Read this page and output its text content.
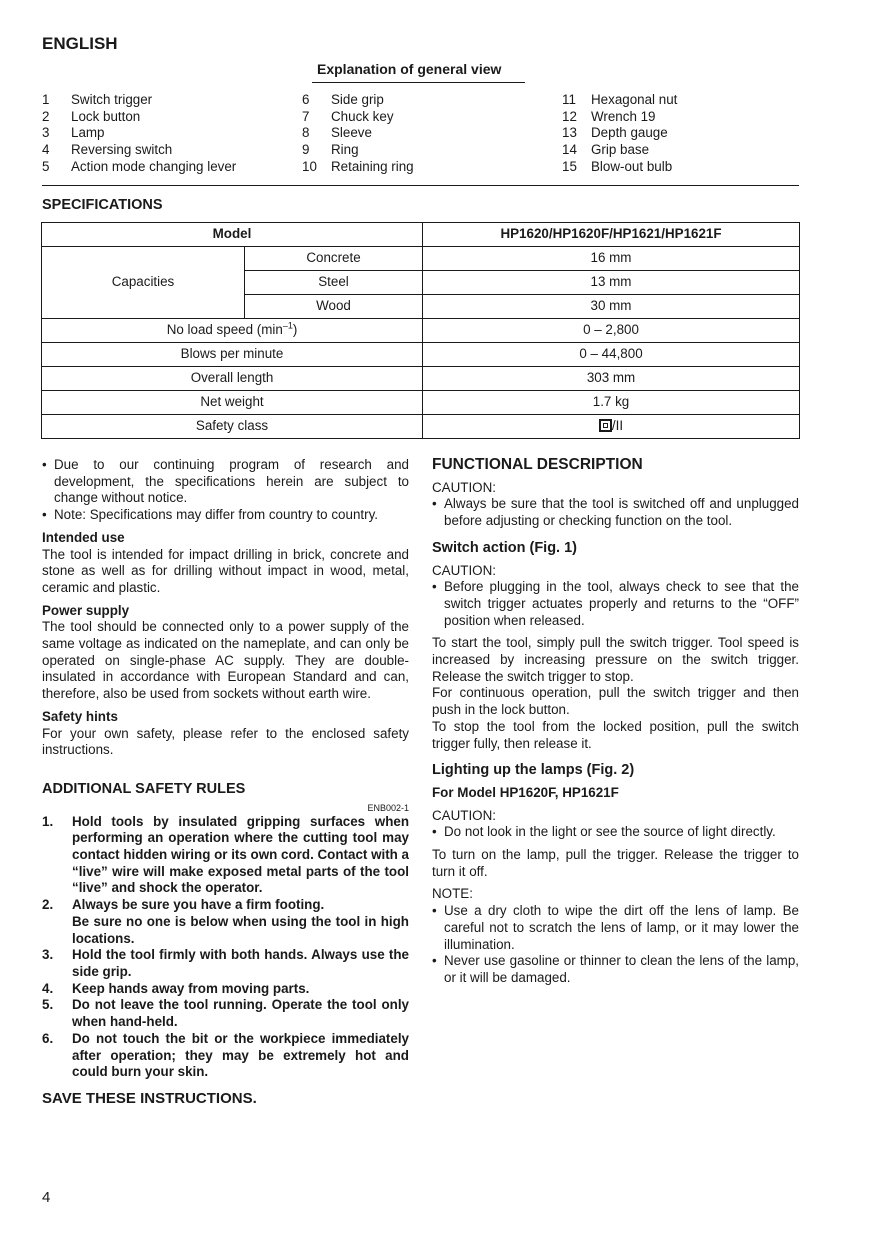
ENGLISH
Explanation of general view
1 Switch trigger
2 Lock button
3 Lamp
4 Reversing switch
5 Action mode changing lever
6 Side grip
7 Chuck key
8 Sleeve
9 Ring
10 Retaining ring
11 Hexagonal nut
12 Wrench 19
13 Depth gauge
14 Grip base
15 Blow-out bulb
SPECIFICATIONS
Model		HP1620/HP1620F/HP1621/HP1621F
Capacities	Concrete	16 mm
	Steel	13 mm
	Wood	30 mm
No load speed $(\min^{-1})$		0 – 2,800
Blows per minute		0 – 44,800
Overall length		303 mm
Net weight		1.7 kg
Safety class		/II

• Due to our continuing program of research and development, the specifications herein are subject to change without notice.

• Note: Specifications may differ from country to country.

Intended use

The tool is intended for impact drilling in brick, concrete and stone as well as for drilling without impact in wood, metal, ceramic and plastic.

Power supply

The tool should be connected only to a power supply of the same voltage as indicated on the nameplate, and can only be operated on single-phase AC supply. They are double-insulated in accordance with European Standard and can, therefore, also be used from sockets without earth wire.

Safety hints

For your own safety, please refer to the enclosed safety instructions.

ADDITIONAL SAFETY RULES

ENB002-1

1. Hold tools by insulated gripping surfaces when performing an operation where the cutting tool may contact hidden wiring or its own cord. Contact with a “live” wire will make exposed metal parts of the tool “live” and shock the operator.
2. Always be sure you have a firm footing.
Be sure no one is below when using the tool in high locations.
3. Hold the tool firmly with both hands. Always use the side grip.
4. Keep hands away from moving parts.
5. Do not leave the tool running. Operate the tool only when hand-held.
6. Do not touch the bit or the workpiece immediately after operation; they may be extremely hot and could burn your skin.

SAVE THESE INSTRUCTIONS.

FUNCTIONAL DESCRIPTION

CAUTION:

• Always be sure that the tool is switched off and unplugged before adjusting or checking function on the tool.

Switch action (Fig. 1)

CAUTION:

• Before plugging in the tool, always check to see that the switch trigger actuates properly and returns to the “OFF” position when released.

To start the tool, simply pull the switch trigger. Tool speed is increased by increasing pressure on the switch trigger. Release the switch trigger to stop.

For continuous operation, pull the switch trigger and then push in the lock button.

To stop the tool from the locked position, pull the switch trigger fully, then release it.

Lighting up the lamps (Fig. 2)

For Model HP1620F, HP1621F

CAUTION:

• Do not look in the light or see the source of light directly.

To turn on the lamp, pull the trigger. Release the trigger to turn it off.

NOTE:

• Use a dry cloth to wipe the dirt off the lens of lamp. Be careful not to scratch the lens of lamp, or it may lower the illumination.

• Never use gasoline or thinner to clean the lens of the lamp, or it will be damaged.

4
